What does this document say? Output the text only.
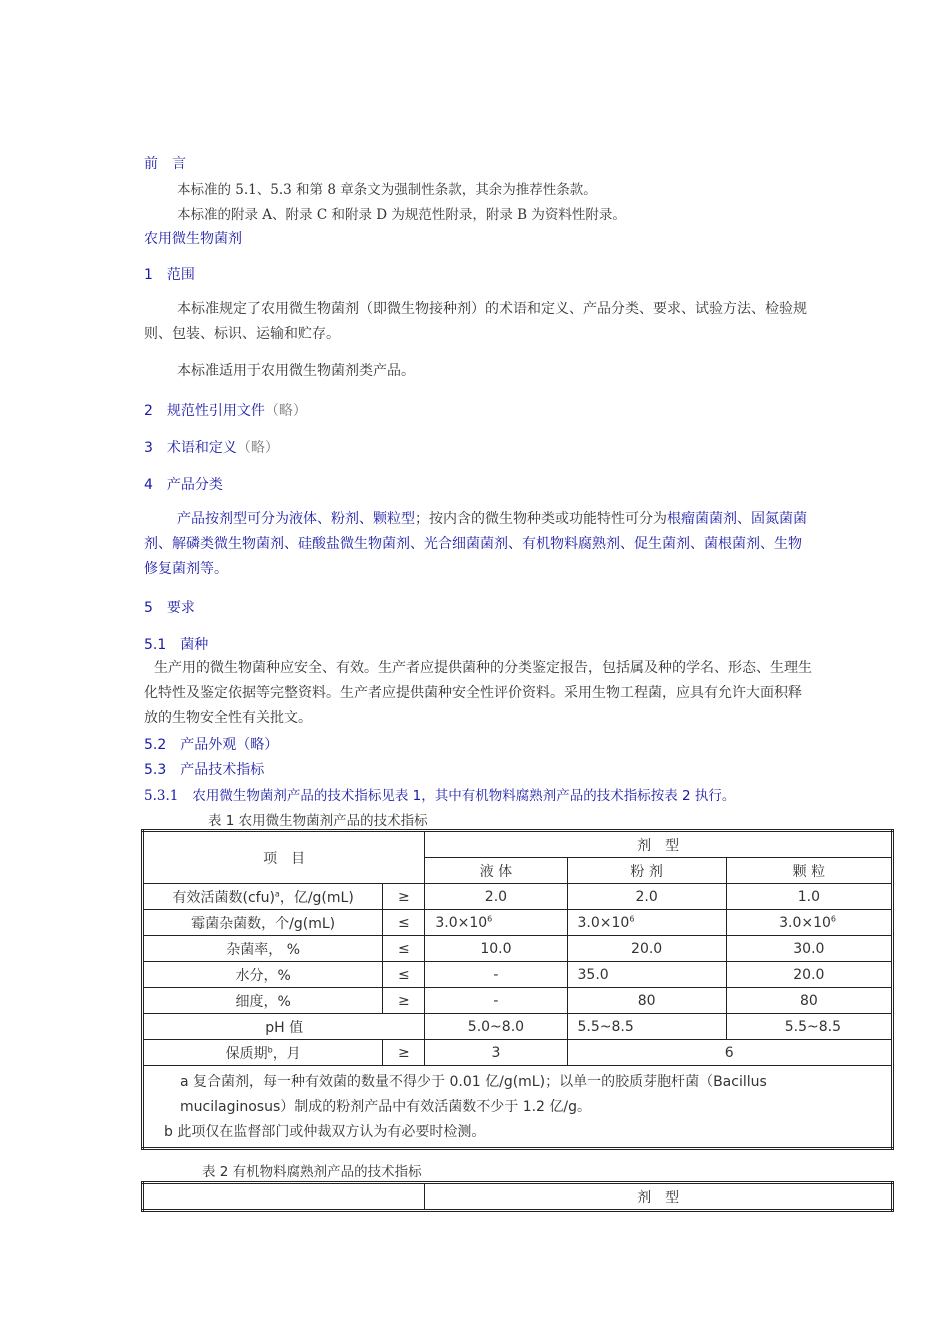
前　言
本标准的 5.1、5.3 和第 8 章条文为强制性条款，其余为推荐性条款。
本标准的附录 A、附录 C 和附录 D 为规范性附录，附录 B 为资料性附录。
农用微生物菌剂
1　范围
本标准规定了农用微生物菌剂（即微生物接种剂）的术语和定义、产品分类、要求、试验方法、检验规则、包装、标识、运输和贮存。
本标准适用于农用微生物菌剂类产品。
2　规范性引用文件（略）
3　术语和定义（略）
4　产品分类
产品按剂型可分为液体、粉剂、颗粒型；按内含的微生物种类或功能特性可分为根瘤菌菌剂、固氮菌菌剂、解磷类微生物菌剂、硅酸盐微生物菌剂、光合细菌菌剂、有机物料腐熟剂、促生菌剂、菌根菌剂、生物修复菌剂等。
5　要求
5.1　菌种
生产用的微生物菌种应安全、有效。生产者应提供菌种的分类鉴定报告，包括属及种的学名、形态、生理生化特性及鉴定依据等完整资料。生产者应提供菌种安全性评价资料。采用生物工程菌，应具有允许大面积释放的生物安全性有关批文。
5.2　产品外观（略）
5.3　产品技术指标
5.3.1 农用微生物菌剂产品的技术指标见表 1，其中有机物料腐熟剂产品的技术指标按表 2 执行。
表 1 农用微生物菌剂产品的技术指标
项　目		剂　型		
		液 体	粉 剂	颗 粒
有效活菌数(cfu)$^a$，亿/g(mL)	≥	2.0	2.0	1.0
霉菌杂菌数，个/g(mL)	≤	$3.0\times 10^6$	$3.0\times 10^6$	$3.0\times 10^6$
杂菌率， %	≤	10.0	20.0	30.0
水分，%	≤	-	35.0	20.0
细度，%	≥	-	80	80
pH 值		5.0~8.0	5.5~8.5	5.5~8.5
保质期$^b$，月	≥	3	6	

a 复合菌剂，每一种有效菌的数量不得少于 0.01 亿/g(mL)；以单一的胶质芽胞杆菌（Bacillus
mucilaginosus）制成的粉剂产品中有效活菌数不少于 1.2 亿/g。
b 此项仅在监督部门或仲裁双方认为有必要时检测。				
表 2 有机物料腐熟剂产品的技术指标
	剂　型
